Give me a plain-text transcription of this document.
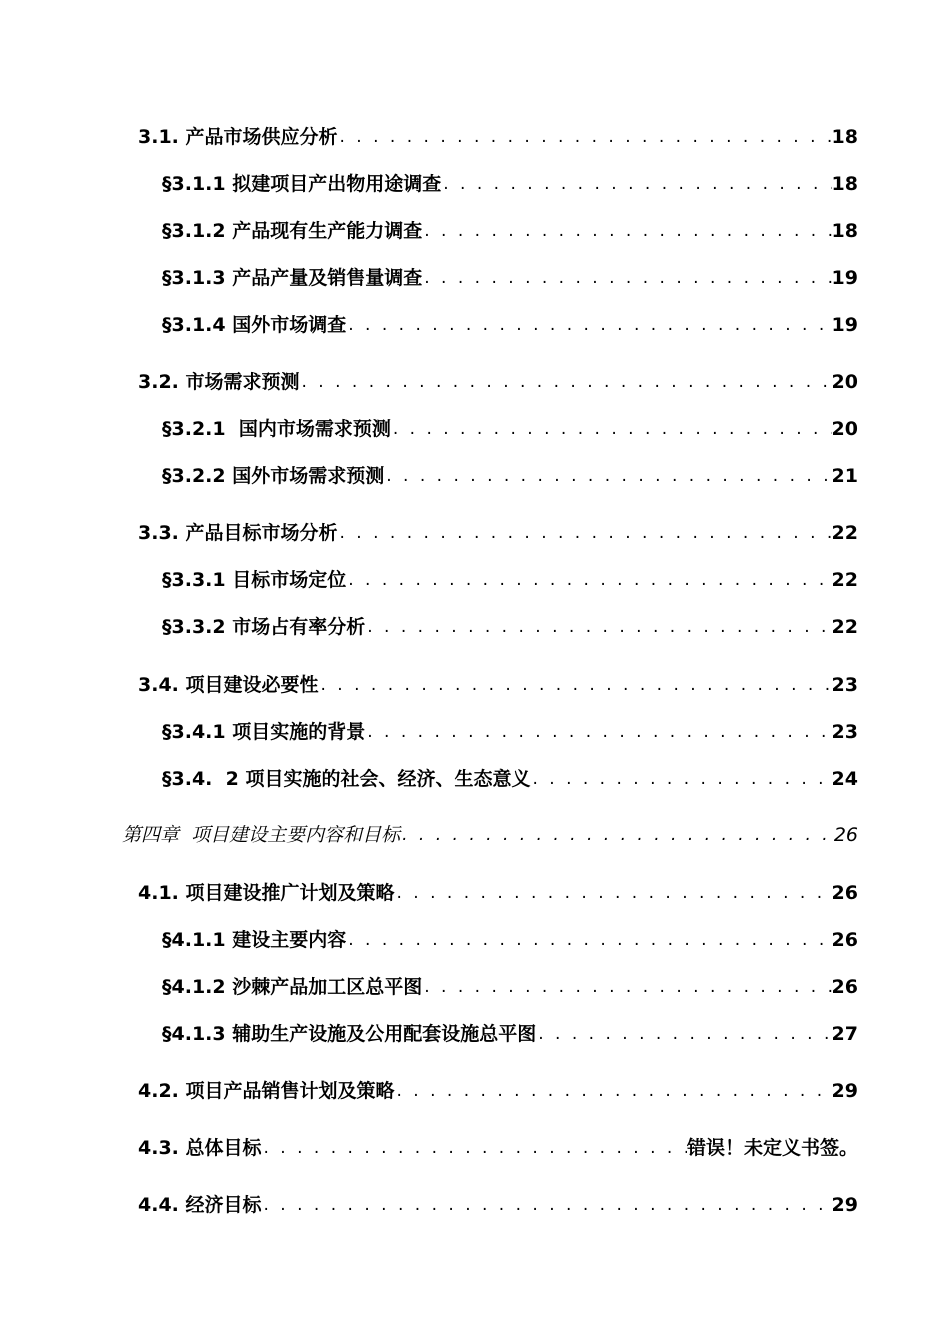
3.1. 产品市场供应分析 . . .	18
§3.1.1 拟建项目产出物用途调查 . . .	18
§3.1.2 产品现有生产能力调查 . . .	18
§3.1.3 产品产量及销售量调查 . . .	19
§3.1.4 国外市场调查 . . .	19
3.2. 市场需求预测 . . .	20
§3.2.1  国内市场需求预测 . . .	20
§3.2.2 国外市场需求预测 . . .	21
3.3. 产品目标市场分析 . . .	22
§3.3.1 目标市场定位 . . .	22
§3.3.2 市场占有率分析 . . .	22
3.4. 项目建设必要性 . . .	23
§3.4.1 项目实施的背景 . . .	23
§3.4.  2 项目实施的社会、经济、生态意义 . . .	24
第四章  项目建设主要内容和目标 . . .	26
4.1. 项目建设推广计划及策略 . . .	26
§4.1.1 建设主要内容 . . .	26
§4.1.2 沙棘产品加工区总平图 . . .	26
§4.1.3 辅助生产设施及公用配套设施总平图 . . .	27
4.2. 项目产品销售计划及策略 . . .	29
4.3. 总体目标 . . .	错误！未定义书签。
4.4. 经济目标 . . .	29
